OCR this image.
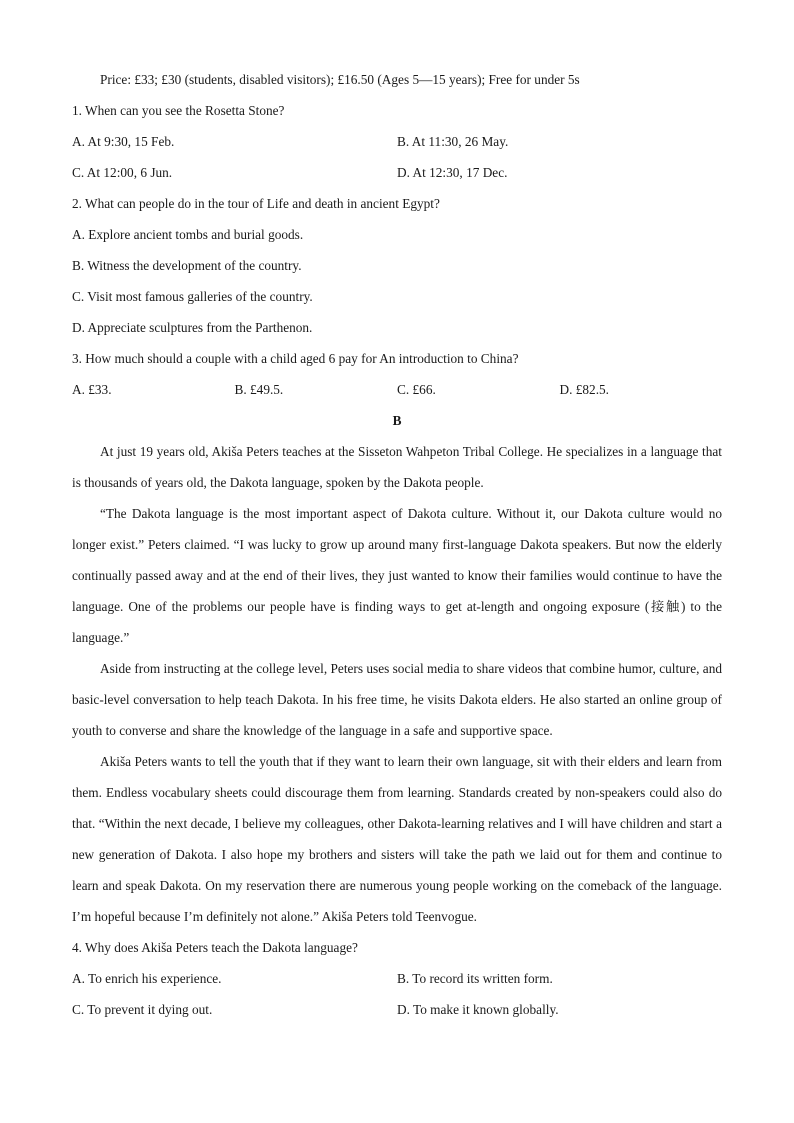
Price: £33; £30 (students, disabled visitors); £16.50 (Ages 5—15 years); Free for under 5s
1. When can you see the Rosetta Stone?
A. At 9:30, 15 Feb.	B. At 11:30, 26 May.
C. At 12:00, 6 Jun.	D. At 12:30, 17 Dec.
2. What can people do in the tour of Life and death in ancient Egypt?
A. Explore ancient tombs and burial goods.
B. Witness the development of the country.
C. Visit most famous galleries of the country.
D. Appreciate sculptures from the Parthenon.
3. How much should a couple with a child aged 6 pay for An introduction to China?
A. £33.	B. £49.5.	C. £66.	D. £82.5.
B

At just 19 years old, Akiša Peters teaches at the Sisseton Wahpeton Tribal College. He specializes in a language that is thousands of years old, the Dakota language, spoken by the Dakota people.

“The Dakota language is the most important aspect of Dakota culture. Without it, our Dakota culture would no longer exist.” Peters claimed. “I was lucky to grow up around many first-language Dakota speakers. But now the elderly continually passed away and at the end of their lives, they just wanted to know their families would continue to have the language. One of the problems our people have is finding ways to get at-length and ongoing exposure (接触) to the language.”

Aside from instructing at the college level, Peters uses social media to share videos that combine humor, culture, and basic-level conversation to help teach Dakota. In his free time, he visits Dakota elders. He also started an online group of youth to converse and share the knowledge of the language in a safe and supportive space.

Akiša Peters wants to tell the youth that if they want to learn their own language, sit with their elders and learn from them. Endless vocabulary sheets could discourage them from learning. Standards created by non-speakers could also do that. “Within the next decade, I believe my colleagues, other Dakota-learning relatives and I will have children and start a new generation of Dakota. I also hope my brothers and sisters will take the path we laid out for them and continue to learn and speak Dakota. On my reservation there are numerous young people working on the comeback of the language. I’m hopeful because I’m definitely not alone.” Akiša Peters told Teenvogue.

4. Why does Akiša Peters teach the Dakota language?
A. To enrich his experience.	B. To record its written form.
C. To prevent it dying out.	D. To make it known globally.
